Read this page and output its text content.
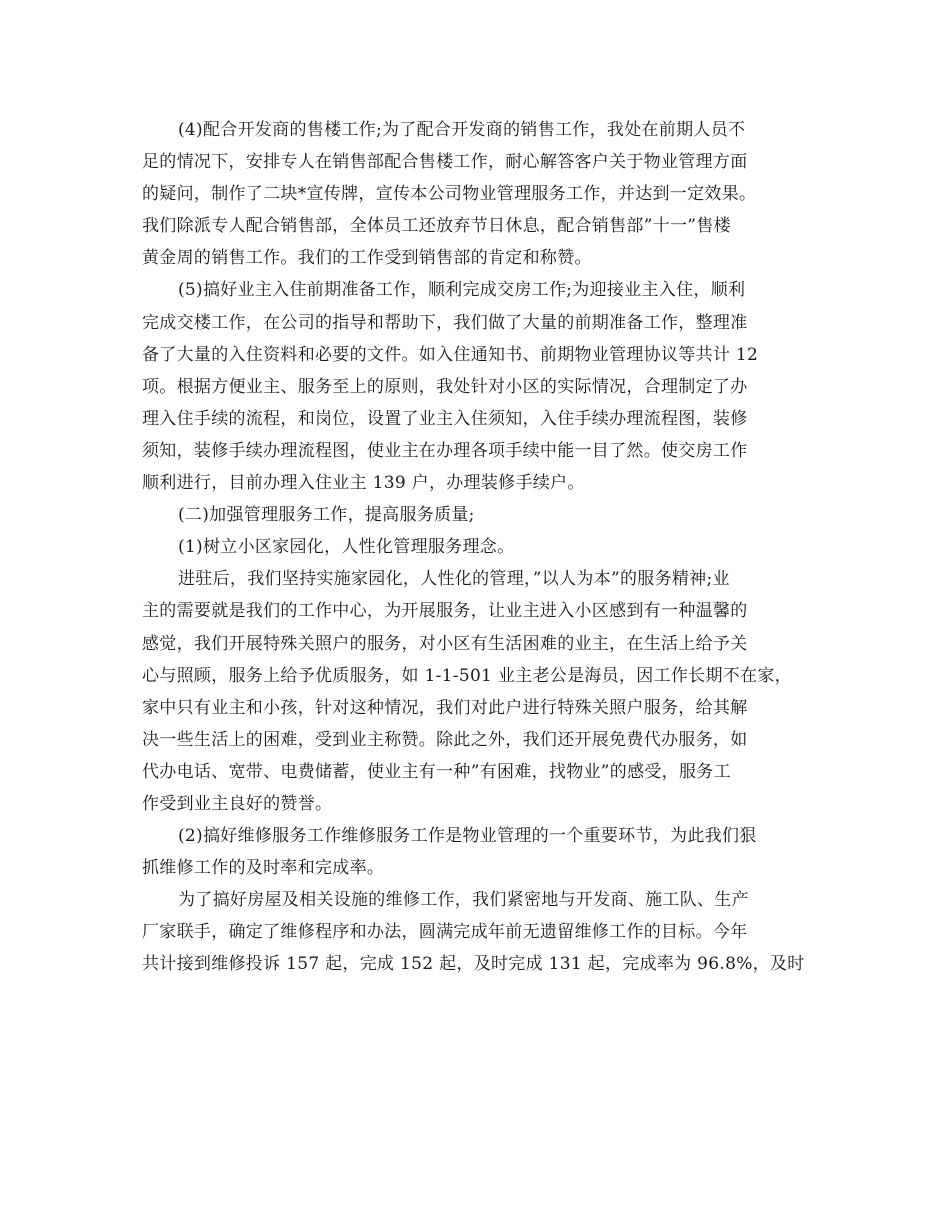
(4)配合开发商的售楼工作;为了配合开发商的销售工作，我处在前期人员不
足的情况下，安排专人在销售部配合售楼工作，耐心解答客户关于物业管理方面
的疑问，制作了二块*宣传牌，宣传本公司物业管理服务工作，并达到一定效果。
我们除派专人配合销售部，全体员工还放弃节日休息，配合销售部”十一”售楼
黄金周的销售工作。我们的工作受到销售部的肯定和称赞。
(5)搞好业主入住前期准备工作，顺利完成交房工作;为迎接业主入住，顺利
完成交楼工作，在公司的指导和帮助下，我们做了大量的前期准备工作，整理准
备了大量的入住资料和必要的文件。如入住通知书、前期物业管理协议等共计 12
项。根据方便业主、服务至上的原则，我处针对小区的实际情况，合理制定了办
理入住手续的流程，和岗位，设置了业主入住须知，入住手续办理流程图，装修
须知，装修手续办理流程图，使业主在办理各项手续中能一目了然。使交房工作
顺利进行，目前办理入住业主 139 户，办理装修手续户。
(二)加强管理服务工作，提高服务质量;
(1)树立小区家园化，人性化管理服务理念。
进驻后，我们坚持实施家园化，人性化的管理，”以人为本”的服务精神;业
主的需要就是我们的工作中心，为开展服务，让业主进入小区感到有一种温馨的
感觉，我们开展特殊关照户的服务，对小区有生活困难的业主，在生活上给予关
心与照顾，服务上给予优质服务，如 1-1-501 业主老公是海员，因工作长期不在家，
家中只有业主和小孩，针对这种情况，我们对此户进行特殊关照户服务，给其解
决一些生活上的困难，受到业主称赞。除此之外，我们还开展免费代办服务，如
代办电话、宽带、电费储蓄，使业主有一种”有困难，找物业”的感受，服务工
作受到业主良好的赞誉。
(2)搞好维修服务工作维修服务工作是物业管理的一个重要环节，为此我们狠
抓维修工作的及时率和完成率。
为了搞好房屋及相关设施的维修工作，我们紧密地与开发商、施工队、生产
厂家联手，确定了维修程序和办法，圆满完成年前无遗留维修工作的目标。今年
共计接到维修投诉 157 起，完成 152 起，及时完成 131 起，完成率为 96.8%，及时
